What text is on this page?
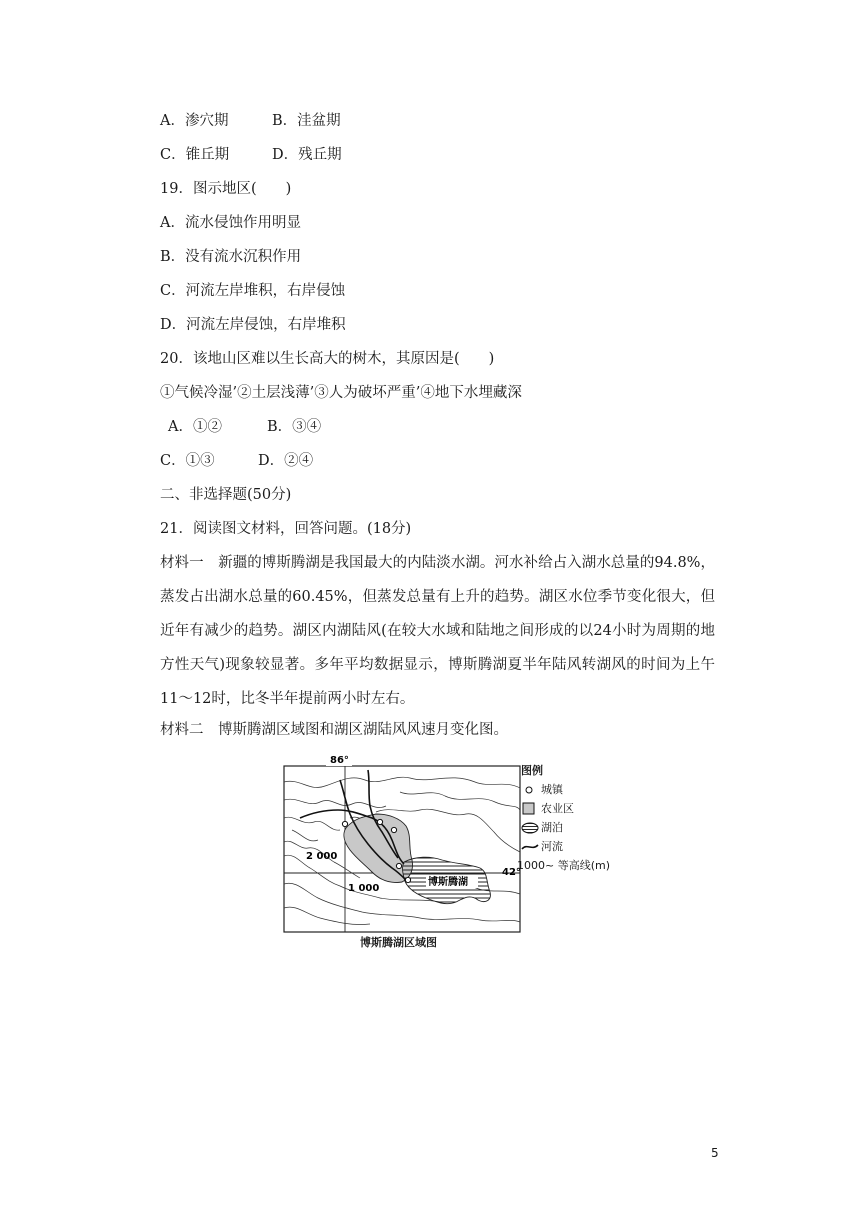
A．渗穴期	B．洼盆期
C．锥丘期	D．残丘期
19．图示地区(　　)
A．流水侵蚀作用明显
B．没有流水沉积作用
C．河流左岸堆积，右岸侵蚀
D．河流左岸侵蚀，右岸堆积
20．该地山区难以生长高大的树木，其原因是(　　)
①气候冷湿’②土层浅薄’③人为破坏严重’④地下水埋藏深
A．①②	B．③④
C．①③	D．②④
二、非选择题(50分)
21．阅读图文材料，回答问题。(18分)
材料一　新疆的博斯腾湖是我国最大的内陆淡水湖。河水补给占入湖水总量的94.8%，蒸发占出湖水总量的60.45%，但蒸发总量有上升的趋势。湖区水位季节变化很大，但近年有减少的趋势。湖区内湖陆风(在较大水域和陆地之间形成的以24小时为周期的地方性天气)现象较显著。多年平均数据显示，博斯腾湖夏半年陆风转湖风的时间为上午11～12时，比冬半年提前两小时左右。
材料二　博斯腾湖区域图和湖区湖陆风风速月变化图。
86°
2 000
1 000
博斯腾湖
42°
图例
城镇
农业区
湖泊
河流
1000~ 等高线(m)
博斯腾湖区域图
5
